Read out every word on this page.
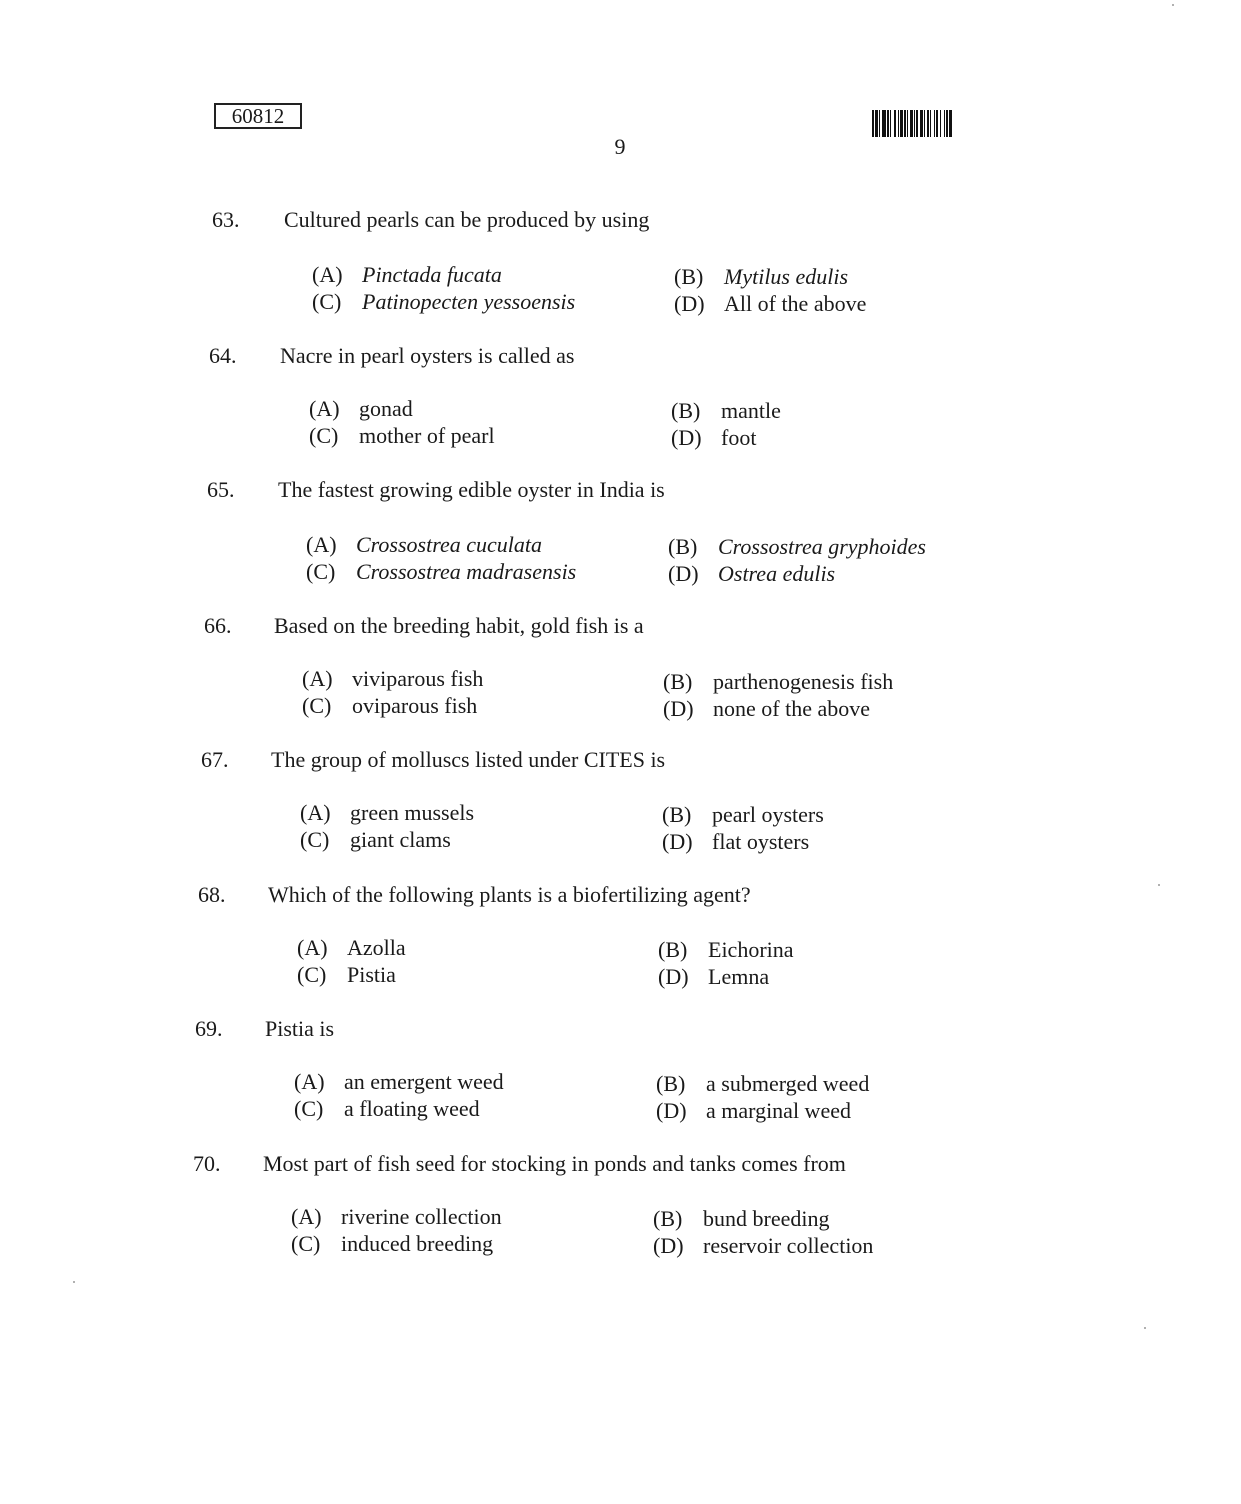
60812
9
63. Cultured pearls can be produced by using
(A) Pinctada fucata	(B) Mytilus edulis
(C) Patinopecten yessoensis	(D) All of the above
64. Nacre in pearl oysters is called as
(A) gonad	(B) mantle
(C) mother of pearl	(D) foot
65. The fastest growing edible oyster in India is
(A) Crossostrea cuculata	(B) Crossostrea gryphoides
(C) Crossostrea madrasensis	(D) Ostrea edulis
66. Based on the breeding habit, gold fish is a
(A) viviparous fish	(B) parthenogenesis fish
(C) oviparous fish	(D) none of the above
67. The group of molluscs listed under CITES is
(A) green mussels	(B) pearl oysters
(C) giant clams	(D) flat oysters
68. Which of the following plants is a biofertilizing agent?
(A) Azolla	(B) Eichorina
(C) Pistia	(D) Lemna
69. Pistia is
(A) an emergent weed	(B) a submerged weed
(C) a floating weed	(D) a marginal weed
70. Most part of fish seed for stocking in ponds and tanks comes from
(A) riverine collection	(B) bund breeding
(C) induced breeding	(D) reservoir collection
